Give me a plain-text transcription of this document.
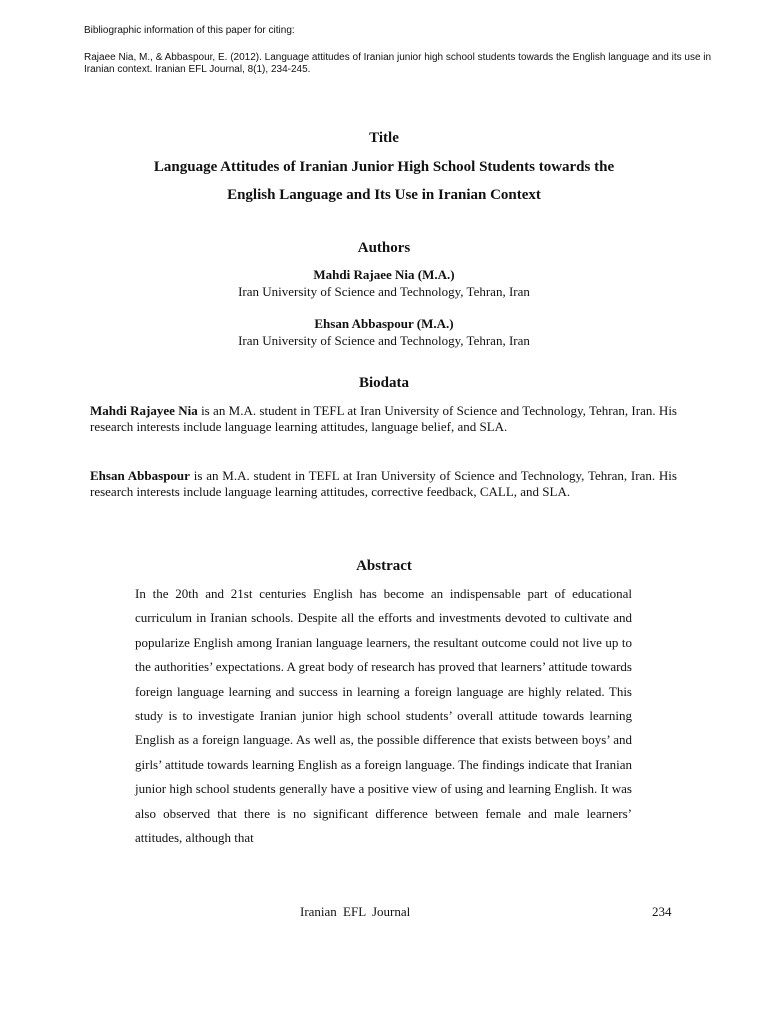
Bibliographic information of this paper for citing:
Rajaee Nia, M., & Abbaspour, E. (2012). Language attitudes of Iranian junior high school students towards the English language and its use in Iranian context. Iranian EFL Journal, 8(1), 234-245.
Title
Language Attitudes of Iranian Junior High School Students towards the
English Language and Its Use in Iranian Context
Authors
Mahdi Rajaee Nia (M.A.)
Iran University of Science and Technology, Tehran, Iran
Ehsan Abbaspour (M.A.)
Iran University of Science and Technology, Tehran, Iran
Biodata
Mahdi Rajayee Nia is an M.A. student in TEFL at Iran University of Science and Technology, Tehran, Iran. His research interests include language learning attitudes, language belief, and SLA.
Ehsan Abbaspour is an M.A. student in TEFL at Iran University of Science and Technology, Tehran, Iran. His research interests include language learning attitudes, corrective feedback, CALL, and SLA.
Abstract
In the 20th and 21st centuries English has become an indispensable part of educational curriculum in Iranian schools. Despite all the efforts and investments devoted to cultivate and popularize English among Iranian language learners, the resultant outcome could not live up to the authorities’ expectations. A great body of research has proved that learners’ attitude towards foreign language learning and success in learning a foreign language are highly related. This study is to investigate Iranian junior high school students’ overall attitude towards learning English as a foreign language. As well as, the possible difference that exists between boys’ and girls’ attitude towards learning English as a foreign language. The findings indicate that Iranian junior high school students generally have a positive view of using and learning English. It was also observed that there is no significant difference between female and male learners’ attitudes, although that
Iranian EFL Journal	234
